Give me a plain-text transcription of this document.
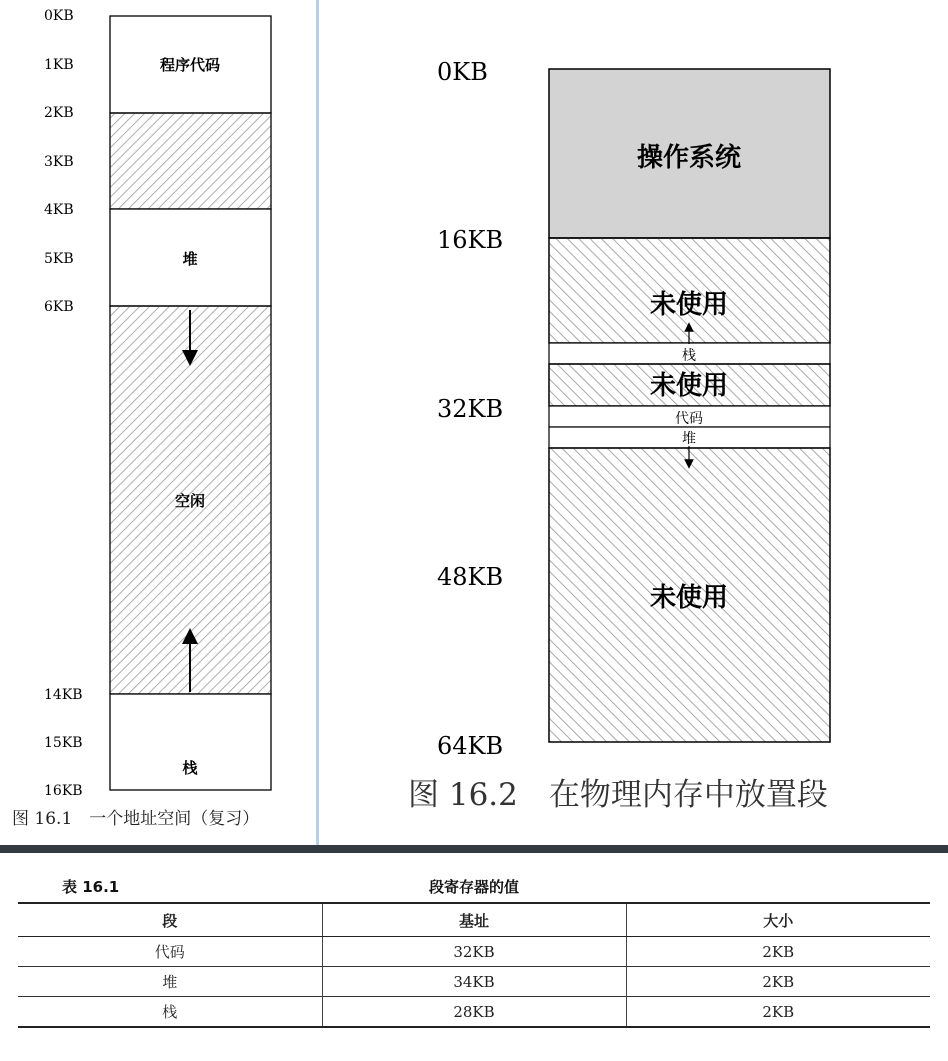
程序代码
堆
空闲
栈
0KB
1KB
2KB
3KB
4KB
5KB
6KB
14KB
15KB
16KB
图 16.1　一个地址空间（复习）
操作系统
未使用
栈
未使用
代码
堆
未使用
0KB
16KB
32KB
48KB
64KB
图 16.2　在物理内存中放置段
表 16.1	段寄存器的值
段	基址	大小
代码	32KB	2KB
堆	34KB	2KB
栈	28KB	2KB
